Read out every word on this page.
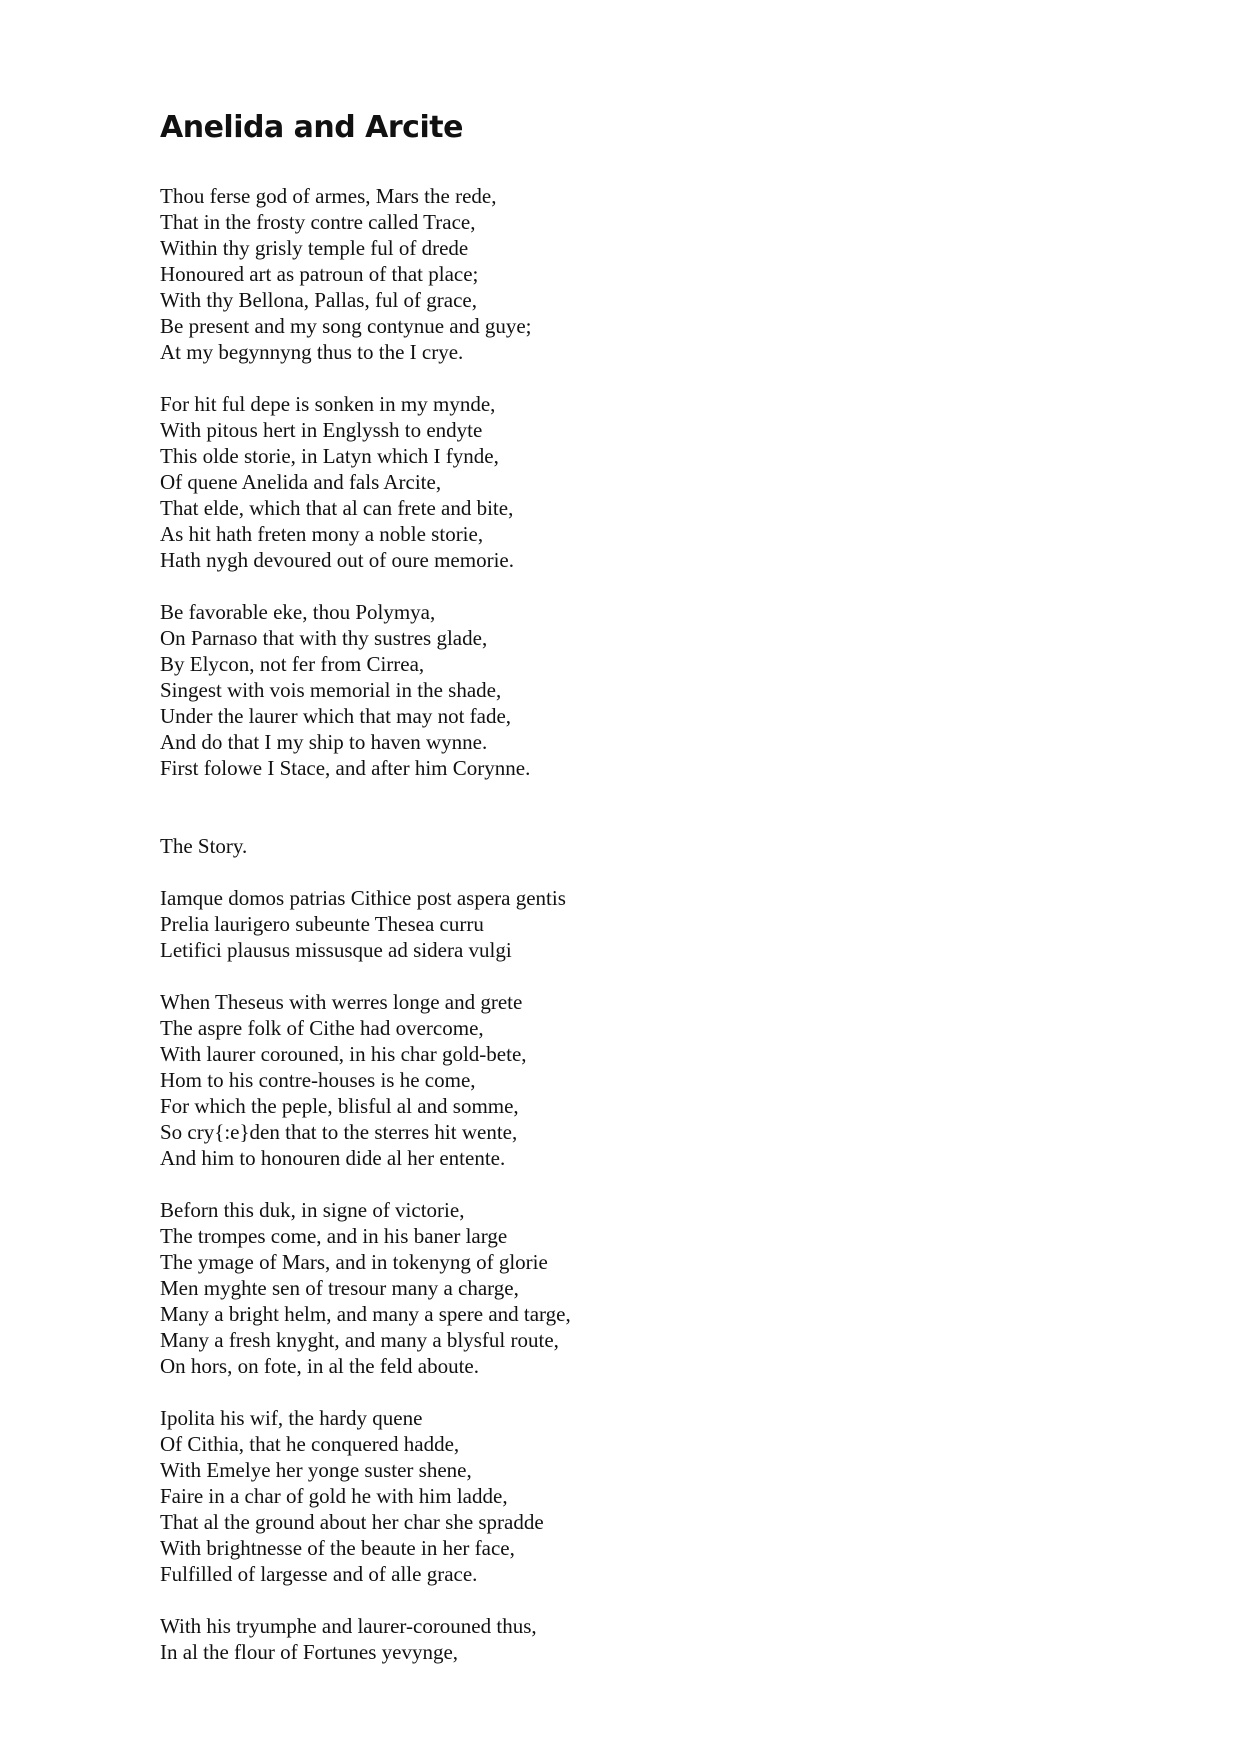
Anelida and Arcite
Thou ferse god of armes, Mars the rede,
That in the frosty contre called Trace,
Within thy grisly temple ful of drede
Honoured art as patroun of that place;
With thy Bellona, Pallas, ful of grace,
Be present and my song contynue and guye;
At my begynnyng thus to the I crye.
For hit ful depe is sonken in my mynde,
With pitous hert in Englyssh to endyte
This olde storie, in Latyn which I fynde,
Of quene Anelida and fals Arcite,
That elde, which that al can frete and bite,
As hit hath freten mony a noble storie,
Hath nygh devoured out of oure memorie.
Be favorable eke, thou Polymya,
On Parnaso that with thy sustres glade,
By Elycon, not fer from Cirrea,
Singest with vois memorial in the shade,
Under the laurer which that may not fade,
And do that I my ship to haven wynne.
First folowe I Stace, and after him Corynne.
The Story.
Iamque domos patrias Cithice post aspera gentis
Prelia laurigero subeunte Thesea curru
Letifici plausus missusque ad sidera vulgi
When Theseus with werres longe and grete
The aspre folk of Cithe had overcome,
With laurer corouned, in his char gold-bete,
Hom to his contre-houses is he come,
For which the peple, blisful al and somme,
So cry{:e}den that to the sterres hit wente,
And him to honouren dide al her entente.
Beforn this duk, in signe of victorie,
The trompes come, and in his baner large
The ymage of Mars, and in tokenyng of glorie
Men myghte sen of tresour many a charge,
Many a bright helm, and many a spere and targe,
Many a fresh knyght, and many a blysful route,
On hors, on fote, in al the feld aboute.
Ipolita his wif, the hardy quene
Of Cithia, that he conquered hadde,
With Emelye her yonge suster shene,
Faire in a char of gold he with him ladde,
That al the ground about her char she spradde
With brightnesse of the beaute in her face,
Fulfilled of largesse and of alle grace.
With his tryumphe and laurer-corouned thus,
In al the flour of Fortunes yevynge,
